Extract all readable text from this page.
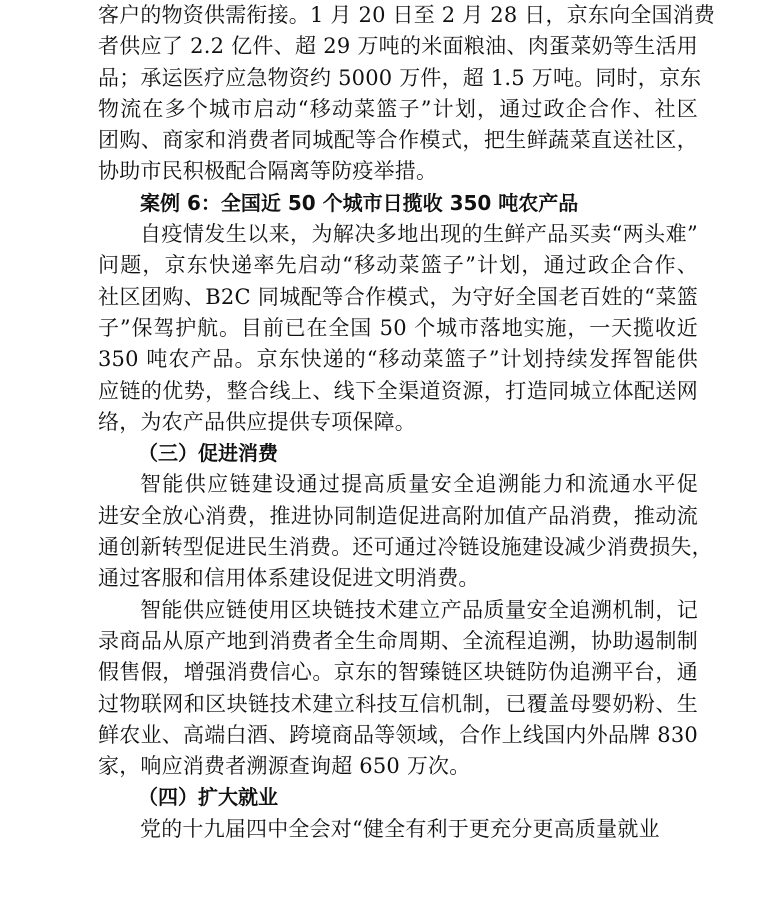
客户的物资供需衔接。1 月 20 日至 2 月 28 日，京东向全国消费
者供应了 2.2 亿件、超 29 万吨的米面粮油、肉蛋菜奶等生活用
品；承运医疗应急物资约 5000 万件，超 1.5 万吨。同时，京东
物流在多个城市启动“移动菜篮子”计划，通过政企合作、社区
团购、商家和消费者同城配等合作模式，把生鲜蔬菜直送社区，
协助市民积极配合隔离等防疫举措。
案例 6：全国近 50 个城市日揽收 350 吨农产品
自疫情发生以来，为解决多地出现的生鲜产品买卖“两头难”
问题，京东快递率先启动“移动菜篮子”计划，通过政企合作、
社区团购、B2C 同城配等合作模式，为守好全国老百姓的“菜篮
子”保驾护航。目前已在全国 50 个城市落地实施，一天揽收近
350 吨农产品。京东快递的“移动菜篮子”计划持续发挥智能供
应链的优势，整合线上、线下全渠道资源，打造同城立体配送网
络，为农产品供应提供专项保障。
（三）促进消费
智能供应链建设通过提高质量安全追溯能力和流通水平促
进安全放心消费，推进协同制造促进高附加值产品消费，推动流
通创新转型促进民生消费。还可通过冷链设施建设减少消费损失，
通过客服和信用体系建设促进文明消费。
智能供应链使用区块链技术建立产品质量安全追溯机制，记
录商品从原产地到消费者全生命周期、全流程追溯，协助遏制制
假售假，增强消费信心。京东的智臻链区块链防伪追溯平台，通
过物联网和区块链技术建立科技互信机制，已覆盖母婴奶粉、生
鲜农业、高端白酒、跨境商品等领域，合作上线国内外品牌 830
家，响应消费者溯源查询超 650 万次。
（四）扩大就业
党的十九届四中全会对“健全有利于更充分更高质量就业
